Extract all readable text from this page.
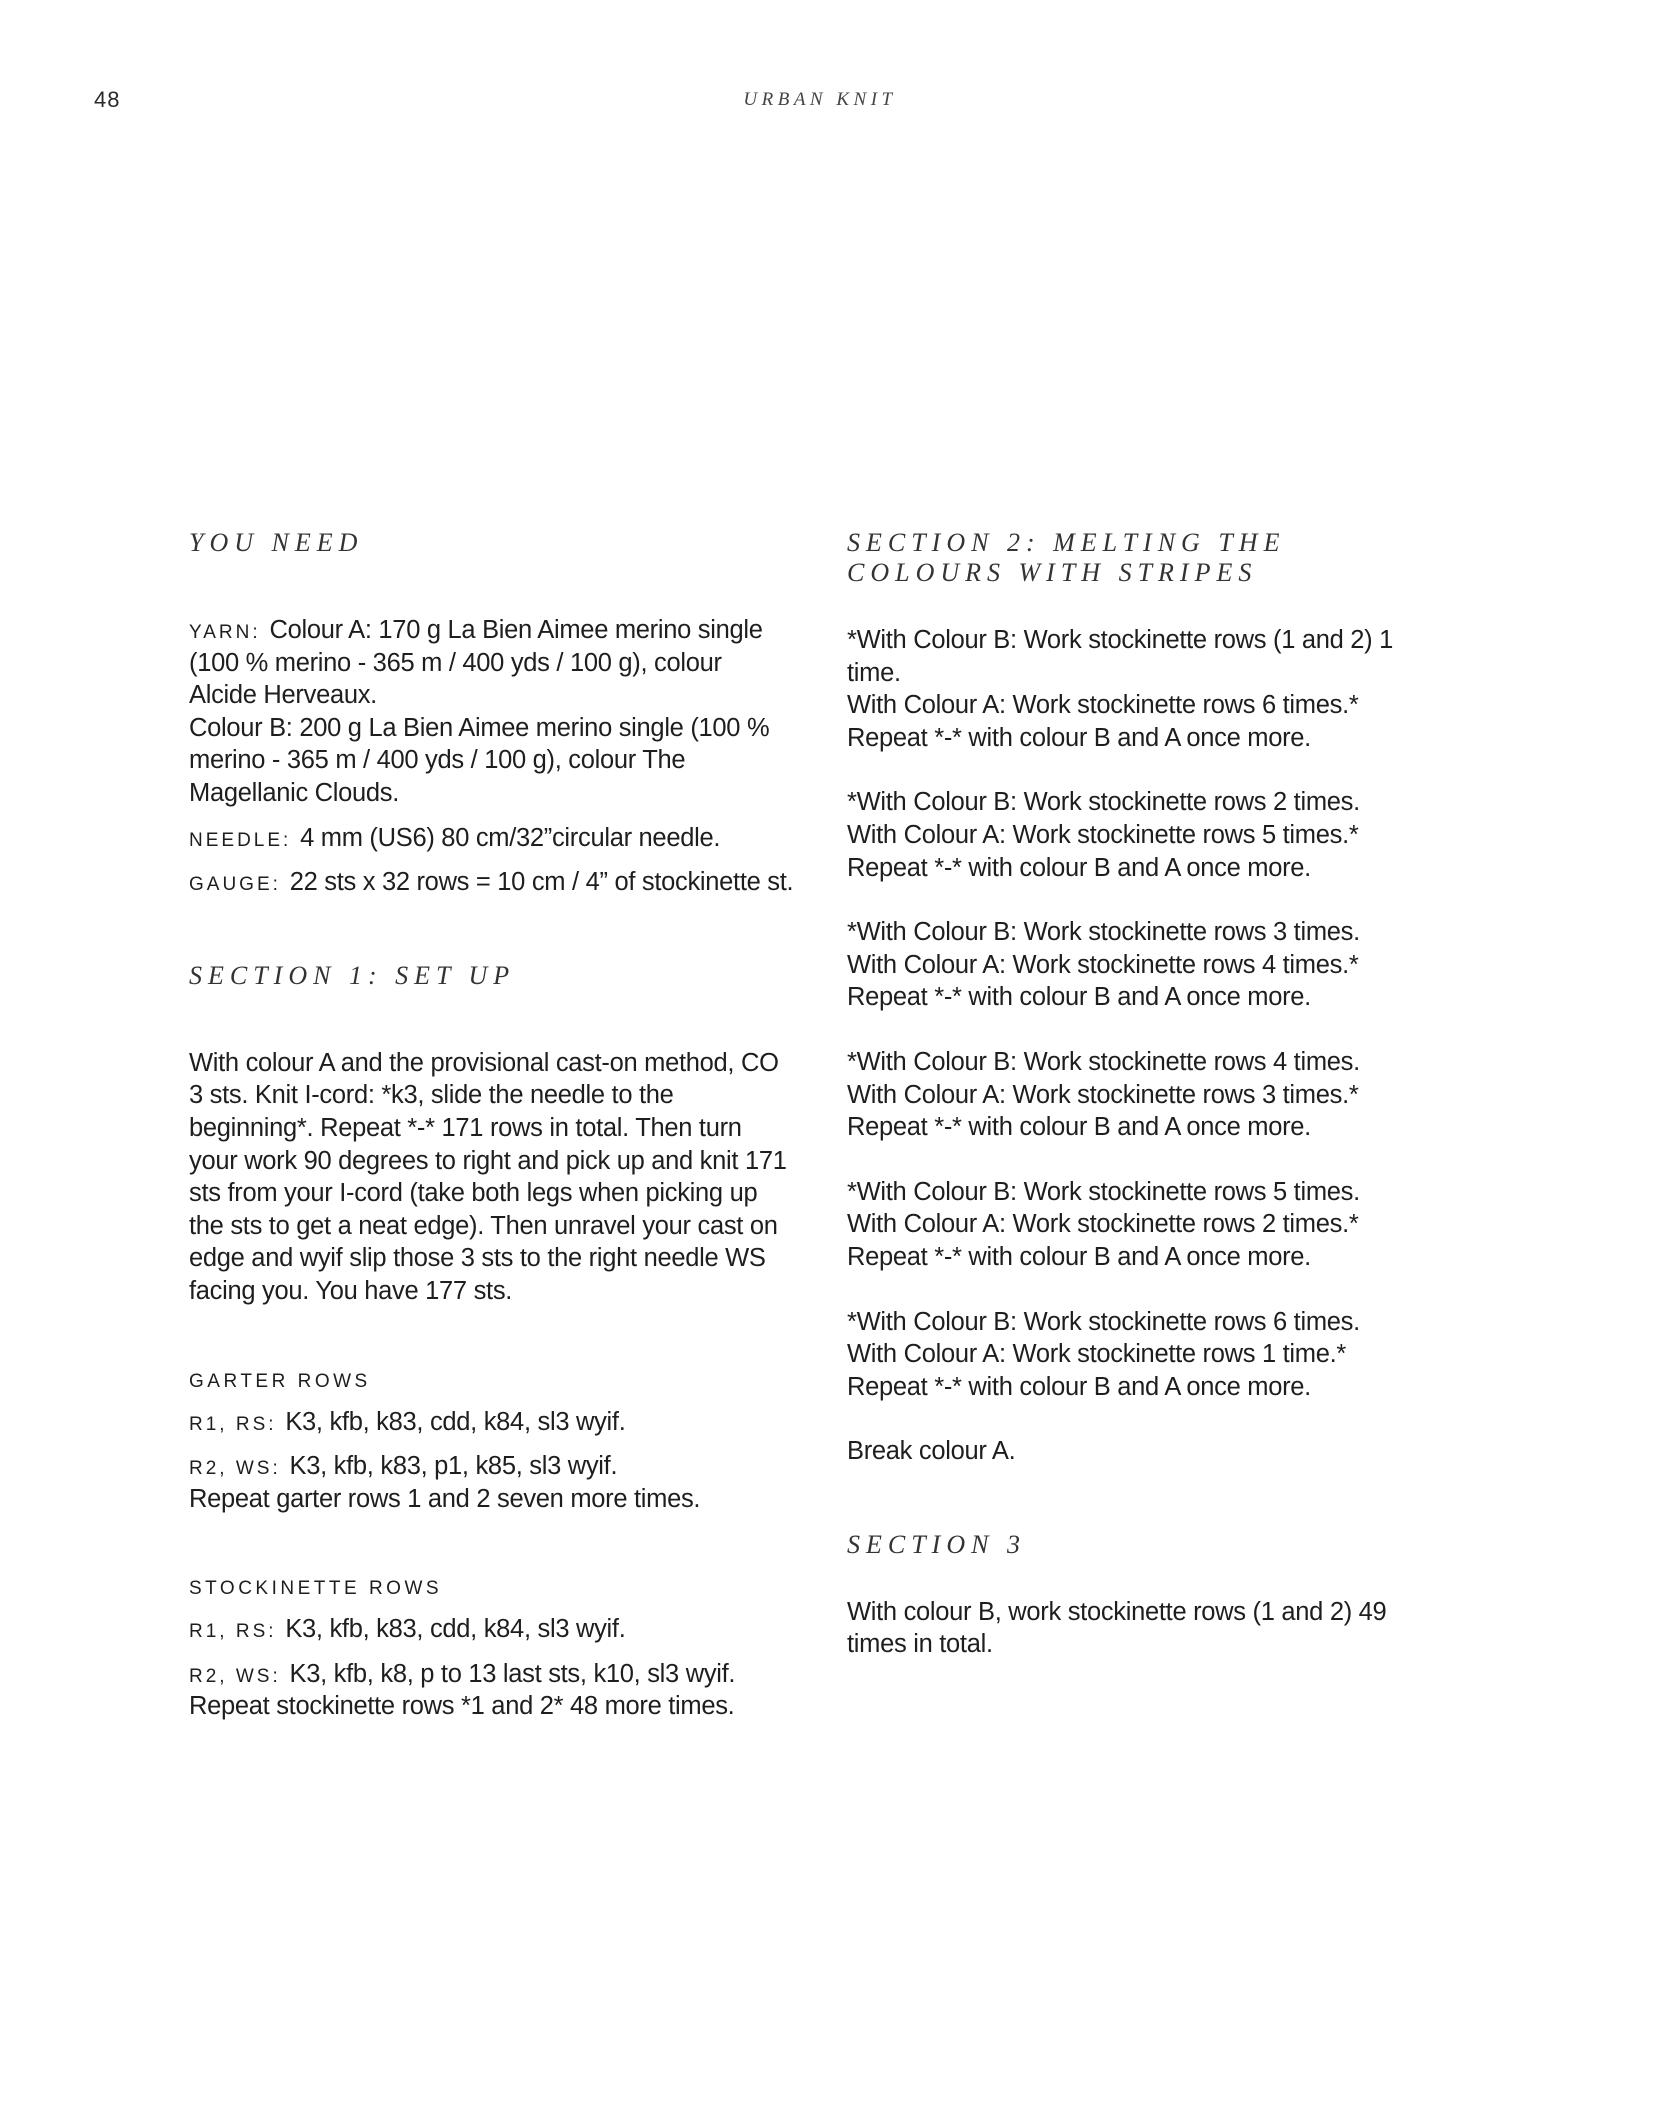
48	URBAN KNIT
YOU NEED

YARN: Colour A: 170 g La Bien Aimee merino single (100 % merino - 365 m / 400 yds / 100 g), colour Alcide Herveaux.
Colour B: 200 g La Bien Aimee merino single (100 % merino - 365 m / 400 yds / 100 g), colour The Magellanic Clouds.

NEEDLE: 4 mm (US6) 80 cm/32”circular needle.

GAUGE: 22 sts x 32 rows = 10 cm / 4” of stockinette st.

SECTION 1: SET UP

With colour A and the provisional cast-on method, CO 3 sts. Knit I-cord: *k3, slide the needle to the beginning*. Repeat *-* 171 rows in total. Then turn your work 90 degrees to right and pick up and knit 171 sts from your I-cord (take both legs when picking up the sts to get a neat edge). Then unravel your cast on edge and wyif slip those 3 sts to the right needle WS facing you. You have 177 sts.

GARTER ROWS

R1, RS: K3, kfb, k83, cdd, k84, sl3 wyif.

R2, WS: K3, kfb, k83, p1, k85, sl3 wyif.
Repeat garter rows 1 and 2 seven more times.

STOCKINETTE ROWS

R1, RS: K3, kfb, k83, cdd, k84, sl3 wyif.

R2, WS: K3, kfb, k8, p to 13 last sts, k10, sl3 wyif.
Repeat stockinette rows *1 and 2* 48 more times.

SECTION 2: MELTING THE
COLOURS WITH STRIPES

*With Colour B: Work stockinette rows (1 and 2) 1 time.
With Colour A: Work stockinette rows 6 times.*
Repeat *-* with colour B and A once more.

*With Colour B: Work stockinette rows 2 times.
With Colour A: Work stockinette rows 5 times.*
Repeat *-* with colour B and A once more.

*With Colour B: Work stockinette rows 3 times.
With Colour A: Work stockinette rows 4 times.*
Repeat *-* with colour B and A once more.

*With Colour B: Work stockinette rows 4 times.
With Colour A: Work stockinette rows 3 times.*
Repeat *-* with colour B and A once more.

*With Colour B: Work stockinette rows 5 times.
With Colour A: Work stockinette rows 2 times.*
Repeat *-* with colour B and A once more.

*With Colour B: Work stockinette rows 6 times.
With Colour A: Work stockinette rows 1 time.*
Repeat *-* with colour B and A once more.

Break colour A.

SECTION 3

With colour B, work stockinette rows (1 and 2) 49 times in total.
